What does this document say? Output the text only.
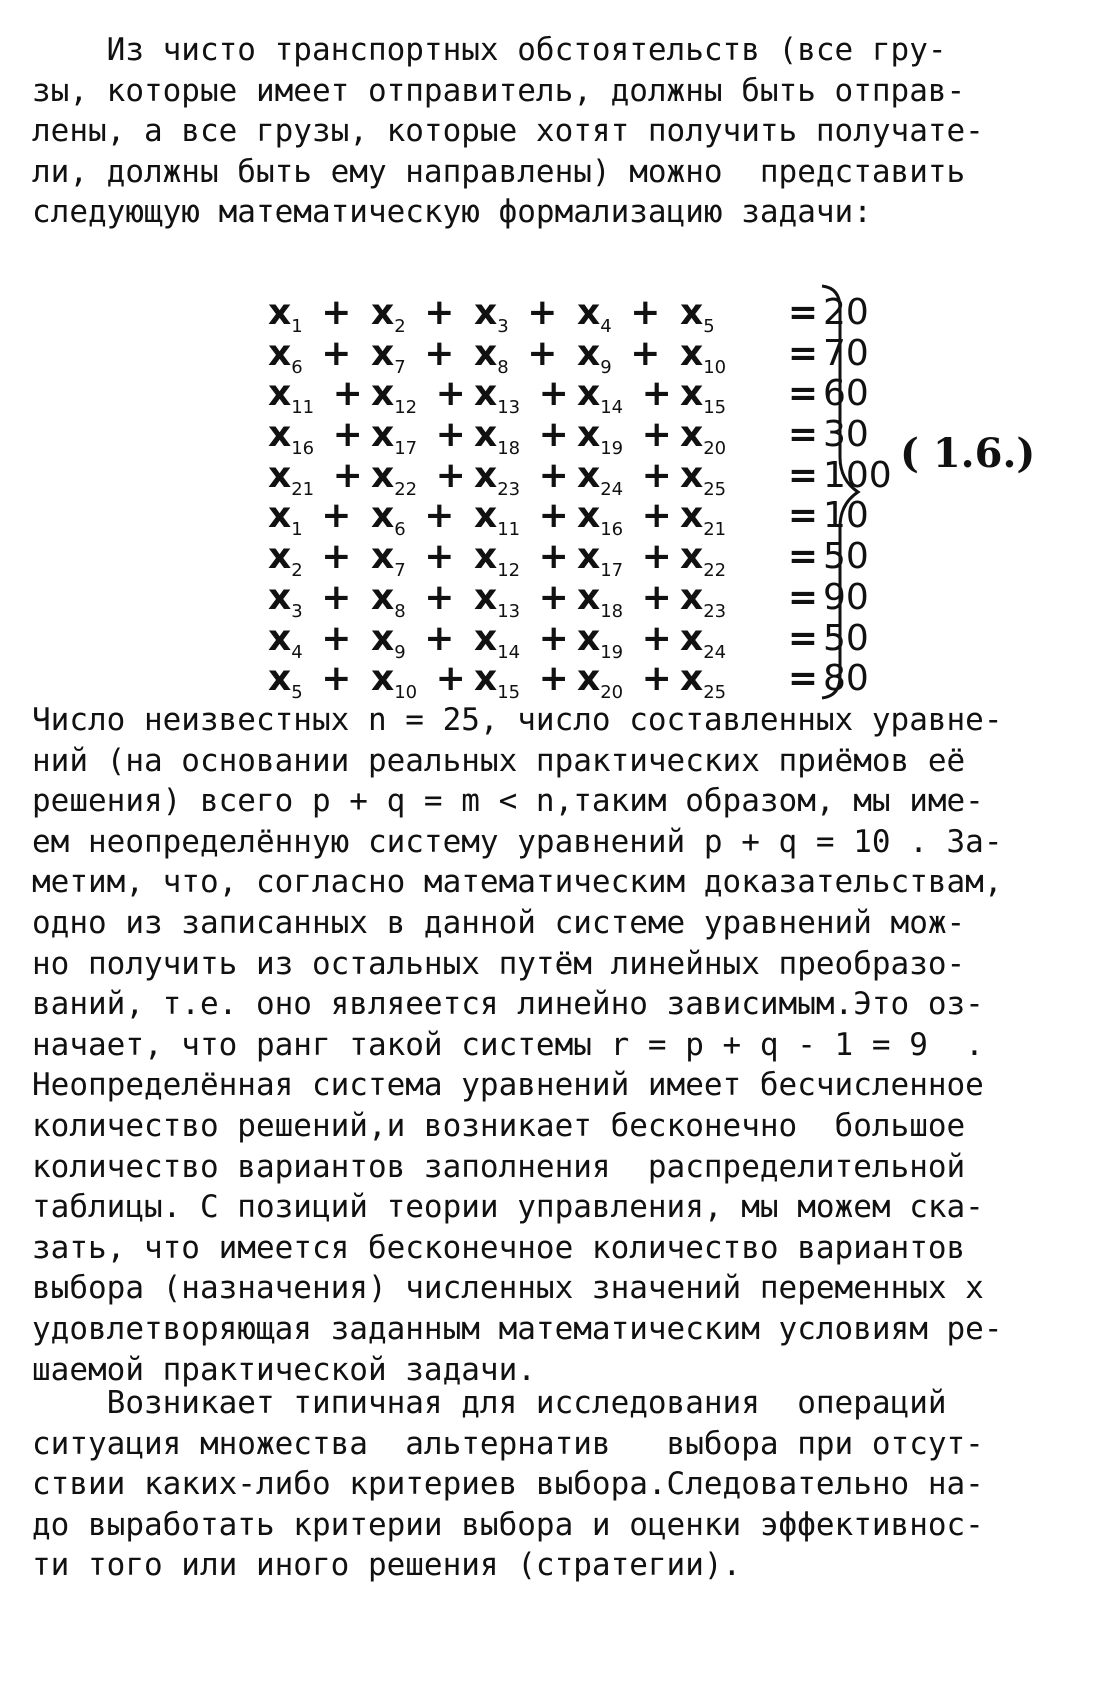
Из чисто транспортных обстоятельств (все гру-
зы, которые имеет отправитель, должны быть отправ-
лены, а все грузы, которые хотят получить получате-
ли, должны быть ему направлены) можно  представить
следующую математическую формализацию задачи:
$x_1 + x_2 + x_3 + x_4 + x_5$	= 20
$x_6 + x_7 + x_8 + x_9 + x_{10}$	= 70
$x_{11} + x_{12} + x_{13} + x_{14} + x_{15}$	= 60
$x_{16} + x_{17} + x_{18} + x_{19} + x_{20}$	= 30
$x_{21} + x_{22} + x_{23} + x_{24} + x_{25}$	= 100
$x_1 + x_6 + x_{11} + x_{16} + x_{21}$	= 10
$x_2 + x_7 + x_{12} + x_{17} + x_{22}$	= 50
$x_3 + x_8 + x_{13} + x_{18} + x_{23}$	= 90
$x_4 + x_9 + x_{14} + x_{19} + x_{24}$	= 50
$x_5 + x_{10} + x_{15} + x_{20} + x_{25}$	= 80
( 1.6.)
Число неизвестных n = 25, число составленных уравне-
ний (на основании реальных практических приёмов её
решения) всего p + q = m < n,таким образом, мы име-
ем неопределённую систему уравнений p + q = 10 . За-
метим, что, согласно математическим доказательствам,
одно из записанных в данной системе уравнений мож-
но получить из остальных путём линейных преобразо-
ваний, т.е. оно являеется линейно зависимым.Это оз-
начает, что ранг такой системы r = p + q - 1 = 9  .
Неопределённая система уравнений имеет бесчисленное
количество решений,и возникает бесконечно  большое
количество вариантов заполнения  распределительной
таблицы. С позиций теории управления, мы можем ска-
зать, что имеется бесконечное количество вариантов
выбора (назначения) численных значений переменных x
удовлетворяющая заданным математическим условиям ре-
шаемой практической задачи.
Возникает типичная для исследования  операций
ситуация множества  альтернатив   выбора при отсут-
ствии каких-либо критериев выбора.Следовательно на-
до выработать критерии выбора и оценки эффективнос-
ти того или иного решения (стратегии).
